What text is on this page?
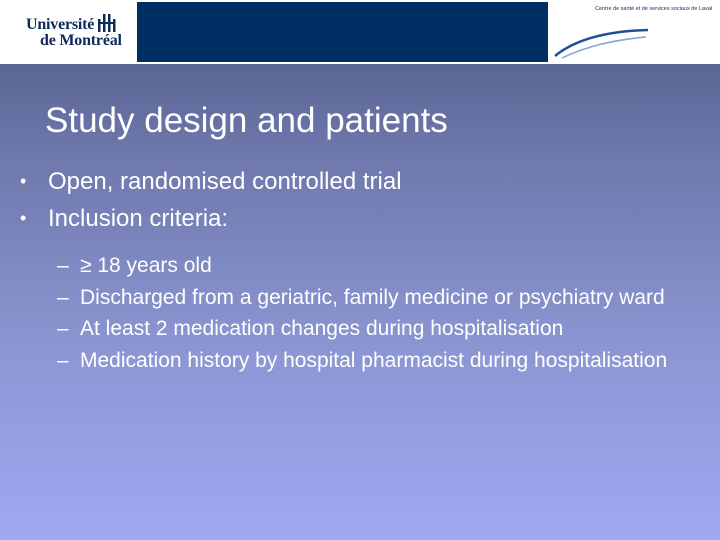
Université
de Montréal
Centre de santé et de services sociaux de Laval
Study design and patients
• Open, randomised controlled trial
• Inclusion criteria:
– ≥ 18 years old
– Discharged from a geriatric, family medicine or psychiatry ward
– At least 2 medication changes during hospitalisation
– Medication history by hospital pharmacist during hospitalisation
